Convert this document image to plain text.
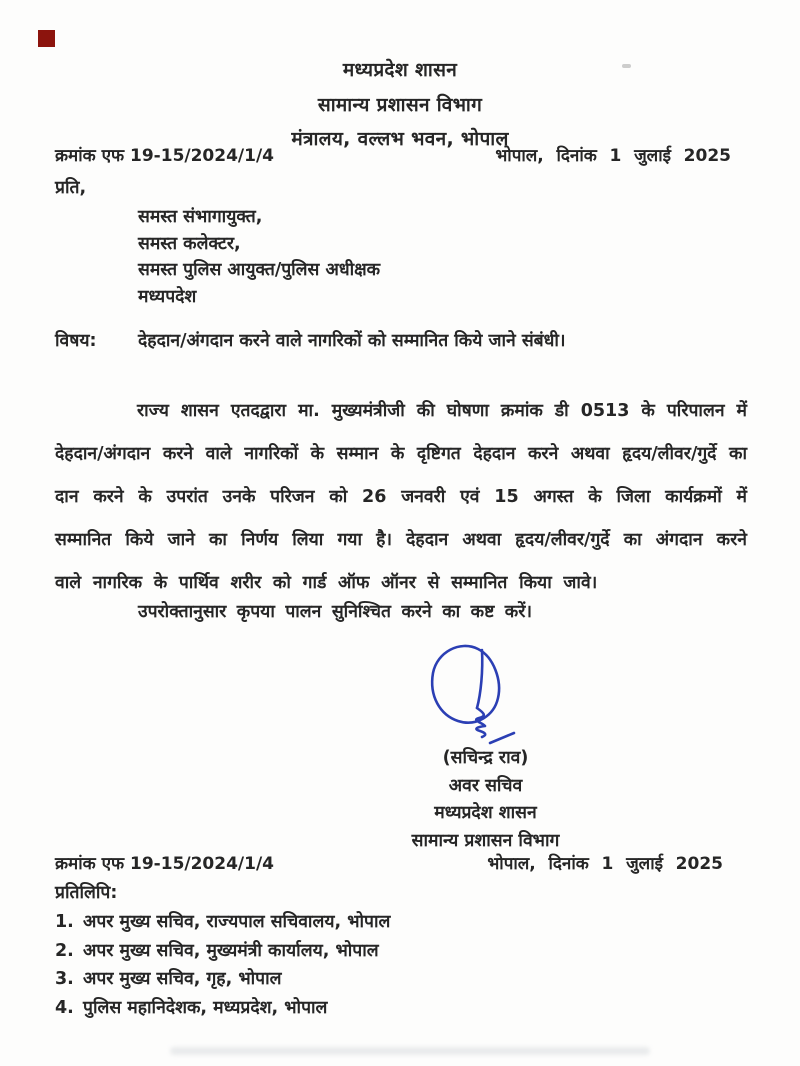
मध्यप्रदेश शासन
सामान्य प्रशासन विभाग
मंत्रालय, वल्लभ भवन, भोपाल
क्रमांक एफ 19-15/2024/1/4	भोपाल, दिनांक 1 जुलाई 2025
प्रति,
समस्त संभागायुक्त,
समस्त कलेक्टर,
समस्त पुलिस आयुक्त/पुलिस अधीक्षक
मध्यपदेश
विषय:	देहदान/अंगदान करने वाले नागरिकों को सम्मानित किये जाने संबंधी।
राज्य शासन एतदद्वारा मा. मुख्यमंत्रीजी की घोषणा क्रमांक डी 0513 के परिपालन में देहदान/अंगदान करने वाले नागरिकों के सम्मान के दृष्टिगत देहदान करने अथवा हृदय/लीवर/गुर्दे का दान करने के उपरांत उनके परिजन को 26 जनवरी एवं 15 अगस्त के जिला कार्यक्रमों में सम्मानित किये जाने का निर्णय लिया गया है। देहदान अथवा हृदय/लीवर/गुर्दे का अंगदान करने वाले नागरिक के पार्थिव शरीर को गार्ड ऑफ ऑनर से सम्मानित किया जावे।
उपरोक्तानुसार कृपया पालन सुनिश्चित करने का कष्ट करें।
(सचिन्द्र राव)
अवर सचिव
मध्यप्रदेश शासन
सामान्य प्रशासन विभाग
क्रमांक एफ 19-15/2024/1/4	भोपाल, दिनांक 1 जुलाई 2025
प्रतिलिपि:
1. अपर मुख्य सचिव, राज्यपाल सचिवालय, भोपाल
2. अपर मुख्य सचिव, मुख्यमंत्री कार्यालय, भोपाल
3. अपर मुख्य सचिव, गृह, भोपाल
4. पुलिस महानिदेशक, मध्यप्रदेश, भोपाल
